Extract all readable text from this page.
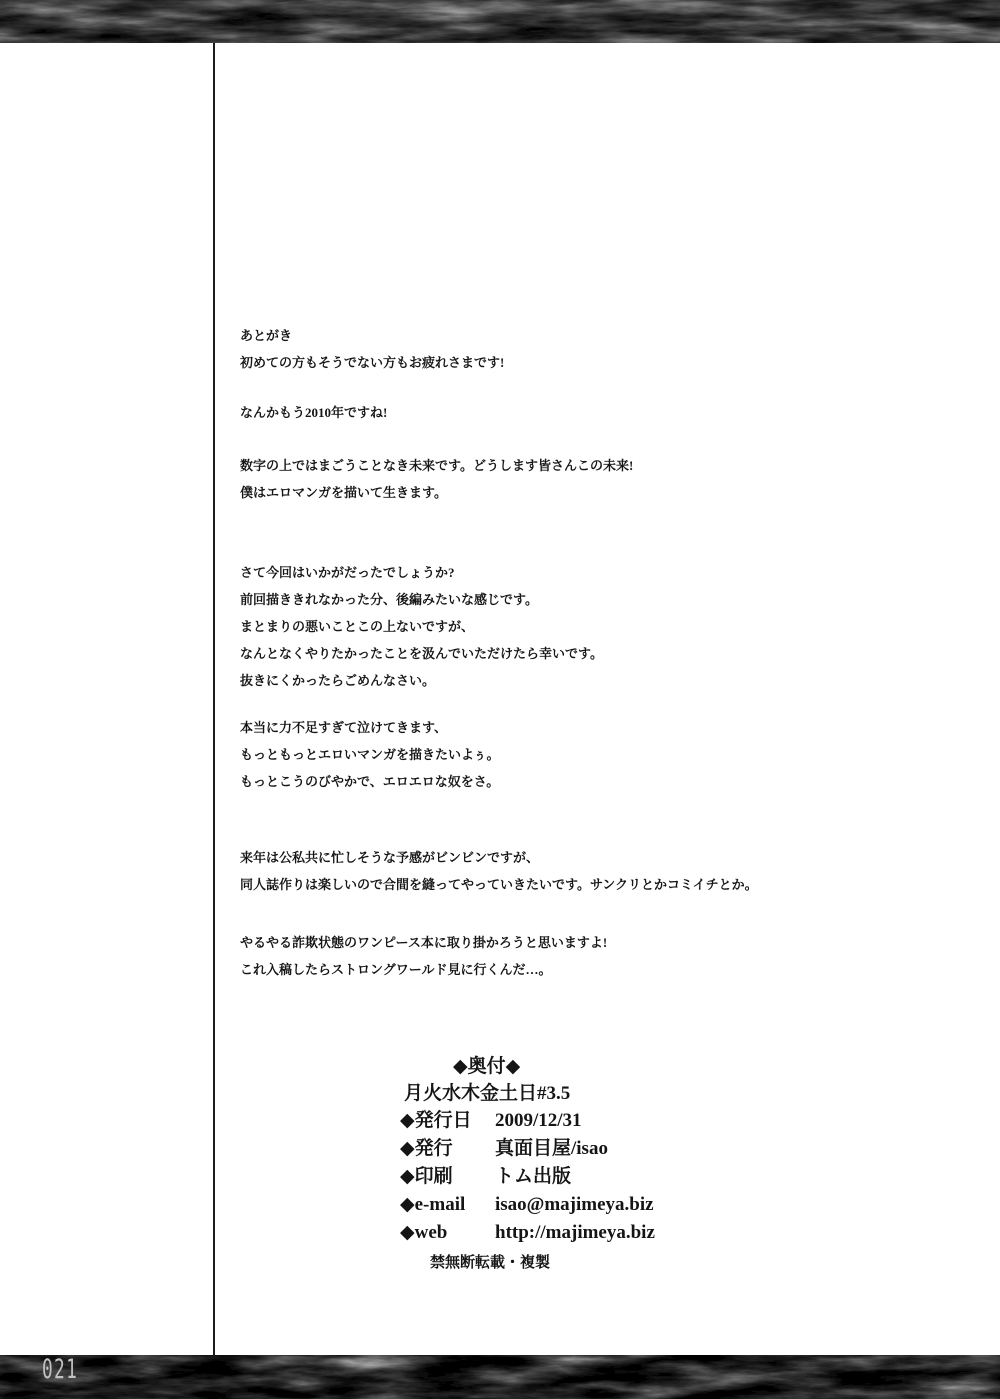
あとがき

初めての方もそうでない方もお疲れさまです!

なんかもう2010年ですね!

数字の上ではまごうことなき未来です。どうします皆さんこの未来!

僕はエロマンガを描いて生きます。

さて今回はいかがだったでしょうか?

前回描ききれなかった分、後編みたいな感じです。

まとまりの悪いことこの上ないですが、

なんとなくやりたかったことを汲んでいただけたら幸いです。

抜きにくかったらごめんなさい。

本当に力不足すぎて泣けてきます、

もっともっとエロいマンガを描きたいよぅ。

もっとこうのびやかで、エロエロな奴をさ。

来年は公私共に忙しそうな予感がビンビンですが、

同人誌作りは楽しいので合間を縫ってやっていきたいです。サンクリとかコミイチとか。

やるやる詐欺状態のワンピース本に取り掛かろうと思いますよ!

これ入稿したらストロングワールド見に行くんだ…。

◆奥付◆

月火水木金土日#3.5

◆発行日	2009/12/31
◆発行	真面目屋/isao
◆印刷	トム出版
◆e-mail	isao@majimeya.biz
◆web	http://majimeya.biz

禁無断転載・複製

021
